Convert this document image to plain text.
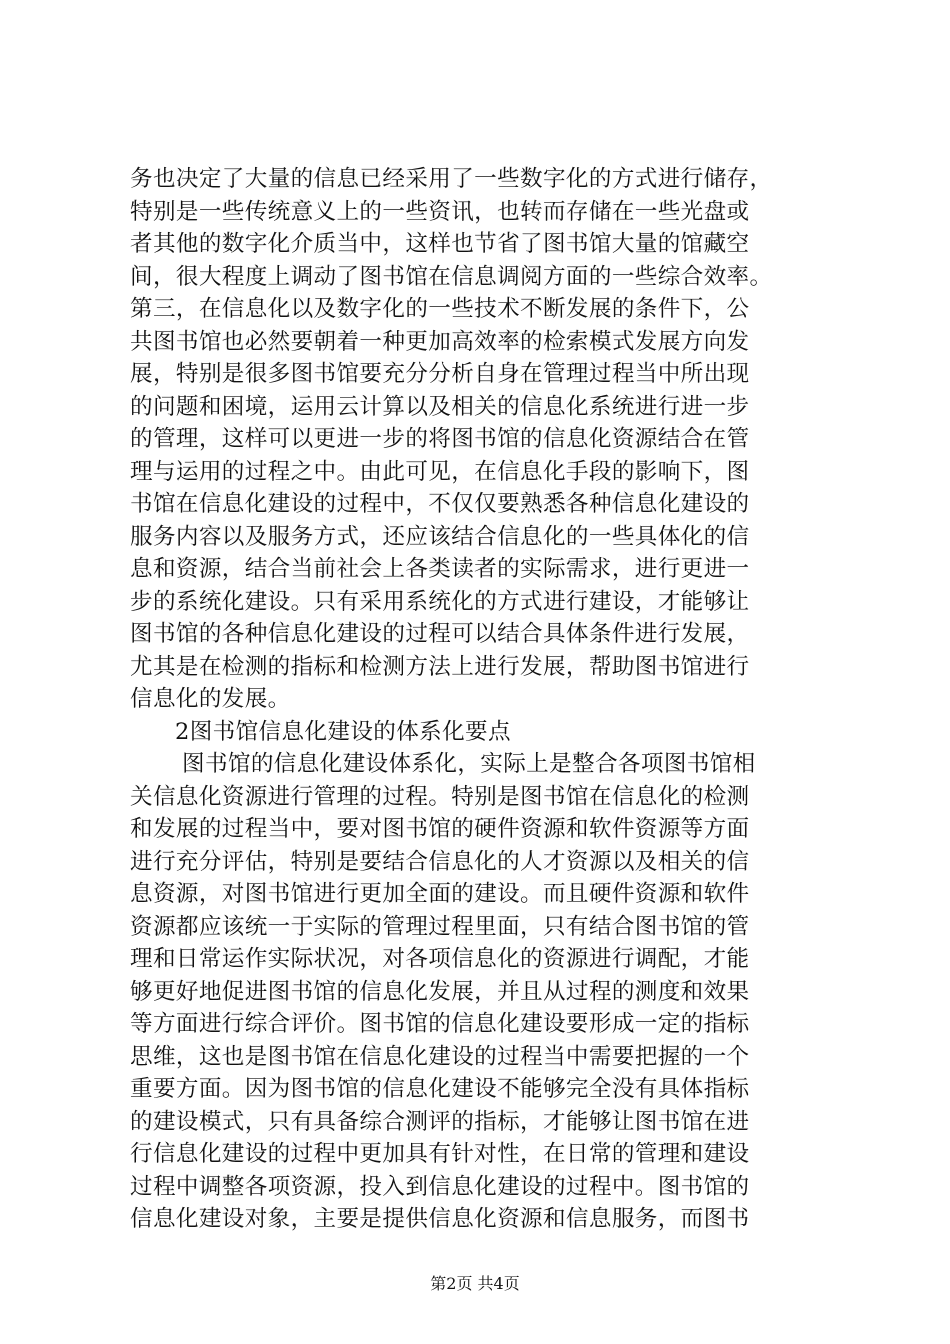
务也决定了大量的信息已经采用了一些数字化的方式进行储存，
特别是一些传统意义上的一些资讯，也转而存储在一些光盘或
者其他的数字化介质当中，这样也节省了图书馆大量的馆藏空
间，很大程度上调动了图书馆在信息调阅方面的一些综合效率。
第三，在信息化以及数字化的一些技术不断发展的条件下，公
共图书馆也必然要朝着一种更加高效率的检索模式发展方向发
展，特别是很多图书馆要充分分析自身在管理过程当中所出现
的问题和困境，运用云计算以及相关的信息化系统进行进一步
的管理，这样可以更进一步的将图书馆的信息化资源结合在管
理与运用的过程之中。由此可见，在信息化手段的影响下，图
书馆在信息化建设的过程中，不仅仅要熟悉各种信息化建设的
服务内容以及服务方式，还应该结合信息化的一些具体化的信
息和资源，结合当前社会上各类读者的实际需求，进行更进一
步的系统化建设。只有采用系统化的方式进行建设，才能够让
图书馆的各种信息化建设的过程可以结合具体条件进行发展，
尤其是在检测的指标和检测方法上进行发展，帮助图书馆进行
信息化的发展。
2图书馆信息化建设的体系化要点
图书馆的信息化建设体系化，实际上是整合各项图书馆相
关信息化资源进行管理的过程。特别是图书馆在信息化的检测
和发展的过程当中，要对图书馆的硬件资源和软件资源等方面
进行充分评估，特别是要结合信息化的人才资源以及相关的信
息资源，对图书馆进行更加全面的建设。而且硬件资源和软件
资源都应该统一于实际的管理过程里面，只有结合图书馆的管
理和日常运作实际状况，对各项信息化的资源进行调配，才能
够更好地促进图书馆的信息化发展，并且从过程的测度和效果
等方面进行综合评价。图书馆的信息化建设要形成一定的指标
思维，这也是图书馆在信息化建设的过程当中需要把握的一个
重要方面。因为图书馆的信息化建设不能够完全没有具体指标
的建设模式，只有具备综合测评的指标，才能够让图书馆在进
行信息化建设的过程中更加具有针对性，在日常的管理和建设
过程中调整各项资源，投入到信息化建设的过程中。图书馆的
信息化建设对象，主要是提供信息化资源和信息服务，而图书
第2页 共4页
